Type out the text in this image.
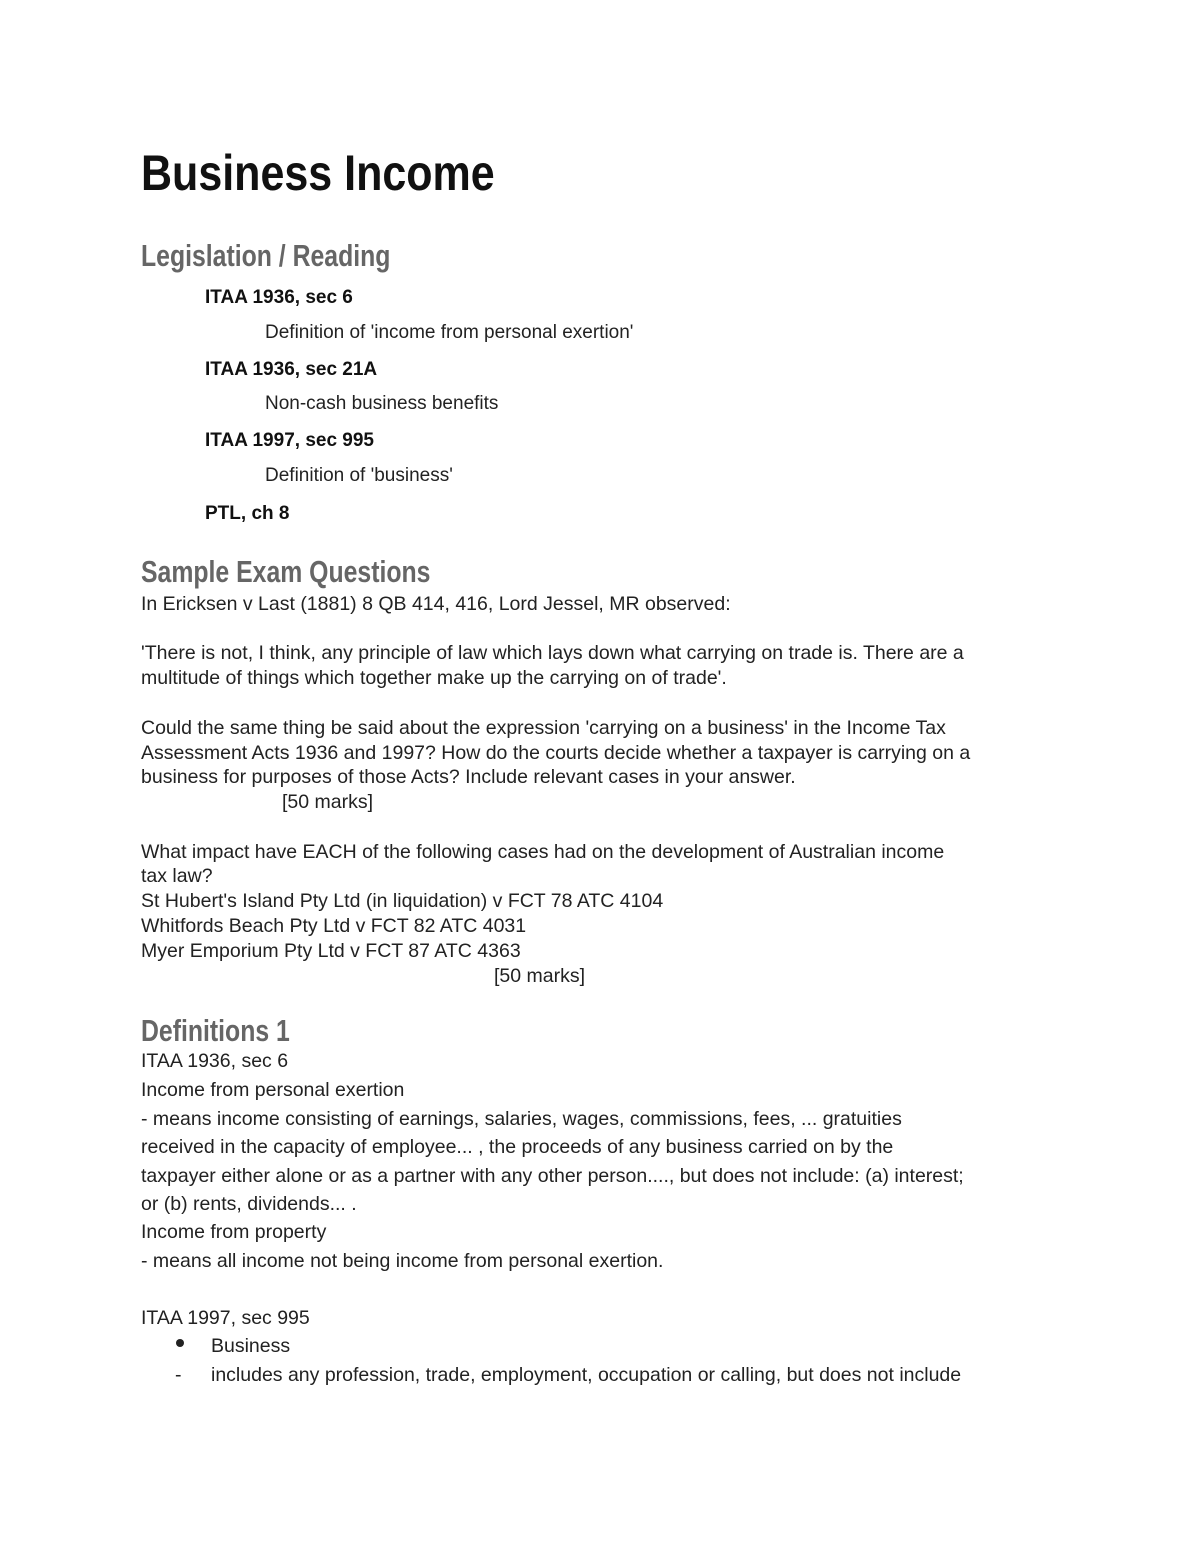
Business Income
Legislation / Reading
ITAA 1936, sec 6
Definition of 'income from personal exertion'
ITAA 1936, sec 21A
Non-cash business benefits
ITAA 1997, sec 995
Definition of 'business'
PTL, ch 8
Sample Exam Questions
In Ericksen v Last (1881) 8 QB 414, 416, Lord Jessel, MR observed:
'There is not, I think, any principle of law which lays down what carrying on trade is. There are a
multitude of things which together make up the carrying on of trade'.
Could the same thing be said about the expression 'carrying on a business' in the Income Tax
Assessment Acts 1936 and 1997? How do the courts decide whether a taxpayer is carrying on a
business for purposes of those Acts? Include relevant cases in your answer.
[50 marks]
What impact have EACH of the following cases had on the development of Australian income
tax law?
St Hubert's Island Pty Ltd (in liquidation) v FCT 78 ATC 4104
Whitfords Beach Pty Ltd v FCT 82 ATC 4031
Myer Emporium Pty Ltd v FCT 87 ATC 4363
[50 marks]
Definitions 1
ITAA 1936, sec 6
Income from personal exertion
- means income consisting of earnings, salaries, wages, commissions, fees, ... gratuities
received in the capacity of employee... , the proceeds of any business carried on by the
taxpayer either alone or as a partner with any other person...., but does not include: (a) interest;
or (b) rents, dividends... .
Income from property
- means all income not being income from personal exertion.
ITAA 1997, sec 995
Business
- includes any profession, trade, employment, occupation or calling, but does not include
